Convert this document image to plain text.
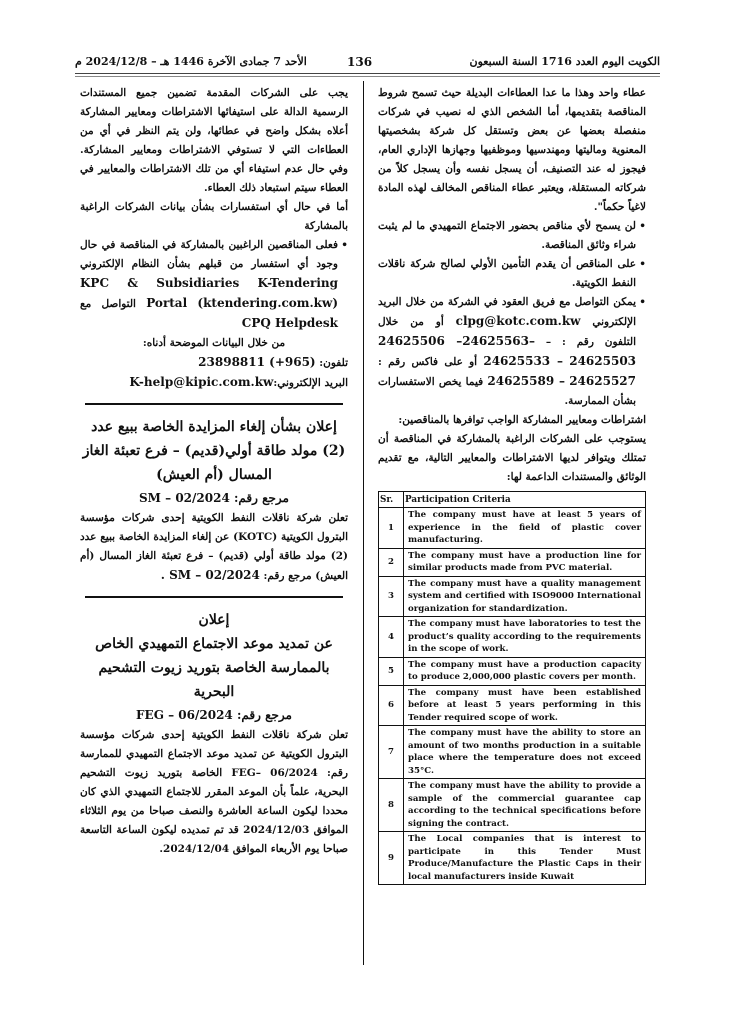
الكويت اليوم العدد 1716 السنة السبعون
136
الأحد 7 جمادى الآخرة 1446 هـ – 2024/12/8 م

عطاء واحد وهذا ما عدا العطاءات البديلة حيث تسمح شروط المناقصة بتقديمها، أما الشخص الذي له نصيب في شركات منفصلة بعضها عن بعض وتستقل كل شركة بشخصيتها المعنوية وماليتها ومهندسيها وموظفيها وجهازها الإداري العام، فيجوز له عند التصنيف، أن يسجل نفسه وأن يسجل كلاً من شركاته المستقلة، ويعتبر عطاء المناقص المخالف لهذه المادة لاغياً حكماً".

• لن يسمح لأي مناقص بحضور الاجتماع التمهيدي ما لم يثبت شراء وثائق المناقصة.

• على المناقص أن يقدم التأمين الأولي لصالح شركة ناقلات النفط الكويتية.

• يمكن التواصل مع فريق العقود في الشركة من خلال البريد الإلكتروني clpg@kotc.com.kw أو من خلال التلفون رقم : – 24625506 –24625563– 24625533 – 24625503 أو على فاكس رقم : 24625589 – 24625527 فيما يخص الاستفسارات بشأن الممارسة.

اشتراطات ومعايير المشاركة الواجب توافرها بالمناقصين:

يستوجب على الشركات الراغبة بالمشاركة في المناقصة أن تمتلك ويتوافر لديها الاشتراطات والمعايير التالية، مع تقديم الوثائق والمستندات الداعمة لها:

Sr.	Participation Criteria
1	The company must have at least 5 years of experience in the field of plastic cover manufacturing.
2	The company must have a production line for similar products made from PVC material.
3	The company must have a quality management system and certified with ISO9000 International organization for standardization.
4	The company must have laboratories to test the product’s quality according to the requirements in the scope of work.
5	The company must have a production capacity to produce 2,000,000 plastic covers per month.
6	The company must have been established before at least 5 years performing in this Tender required scope of work.
7	The company must have the ability to store an amount of two months production in a suitable place where the temperature does not exceed 35°C.
8	The company must have the ability to provide a sample of the commercial guarantee cap according to the technical specifications before signing the contract.
9	The Local companies that is interest to participate in this Tender Must Produce/Manufacture the Plastic Caps in their local manufacturers inside Kuwait

يجب على الشركات المقدمة تضمين جميع المستندات الرسمية الدالة على استيفائها الاشتراطات ومعايير المشاركة أعلاه بشكل واضح في عطائها، ولن يتم النظر في أي من العطاءات التي لا تستوفي الاشتراطات ومعايير المشاركة. وفي حال عدم استيفاء أي من تلك الاشتراطات والمعايير في العطاء سيتم استبعاد ذلك العطاء.

أما في حال أي استفسارات بشأن بيانات الشركات الراغبة بالمشاركة

• فعلى المناقصين الراغبين بالمشاركة في المناقصة في حال وجود أي استفسار من قبلهم بشأن النظام الإلكتروني KPC & Subsidiaries K-Tendering Portal (ktendering.com.kw) التواصل مع CPQ Helpdesk

من خلال البيانات الموضحة أدناه:

تلفون: 23898811 (+965)

البريد الإلكتروني:K-help@kipic.com.kw

إعلان بشأن إلغاء المزايدة الخاصة ببيع عدد (2) مولد طاقة أولي(قديم) – فرع تعبئة الغاز المسال (أم العيش)

مرجع رقم: SM – 02/2024

تعلن شركة ناقلات النفط الكويتية إحدى شركات مؤسسة البترول الكويتية (KOTC) عن إلغاء المزايدة الخاصة ببيع عدد (2) مولد طاقة أولي (قديم) – فرع تعبئة الغاز المسال (أم العيش) مرجع رقم: . SM – 02/2024

إعلان

عن تمديد موعد الاجتماع التمهيدي الخاص بالممارسة الخاصة بتوريد زيوت التشحيم البحرية

مرجع رقم: FEG – 06/2024

تعلن شركة ناقلات النفط الكويتية إحدى شركات مؤسسة البترول الكويتية عن تمديد موعد الاجتماع التمهيدي للممارسة رقم: FEG– 06/2024 الخاصة بتوريد زيوت التشحيم البحرية، علماً بأن الموعد المقرر للاجتماع التمهيدي الذي كان محددا ليكون الساعة العاشرة والنصف صباحا من يوم الثلاثاء الموافق 2024/12/03 قد تم تمديده ليكون الساعة التاسعة صباحا يوم الأربعاء الموافق 2024/12/04.
